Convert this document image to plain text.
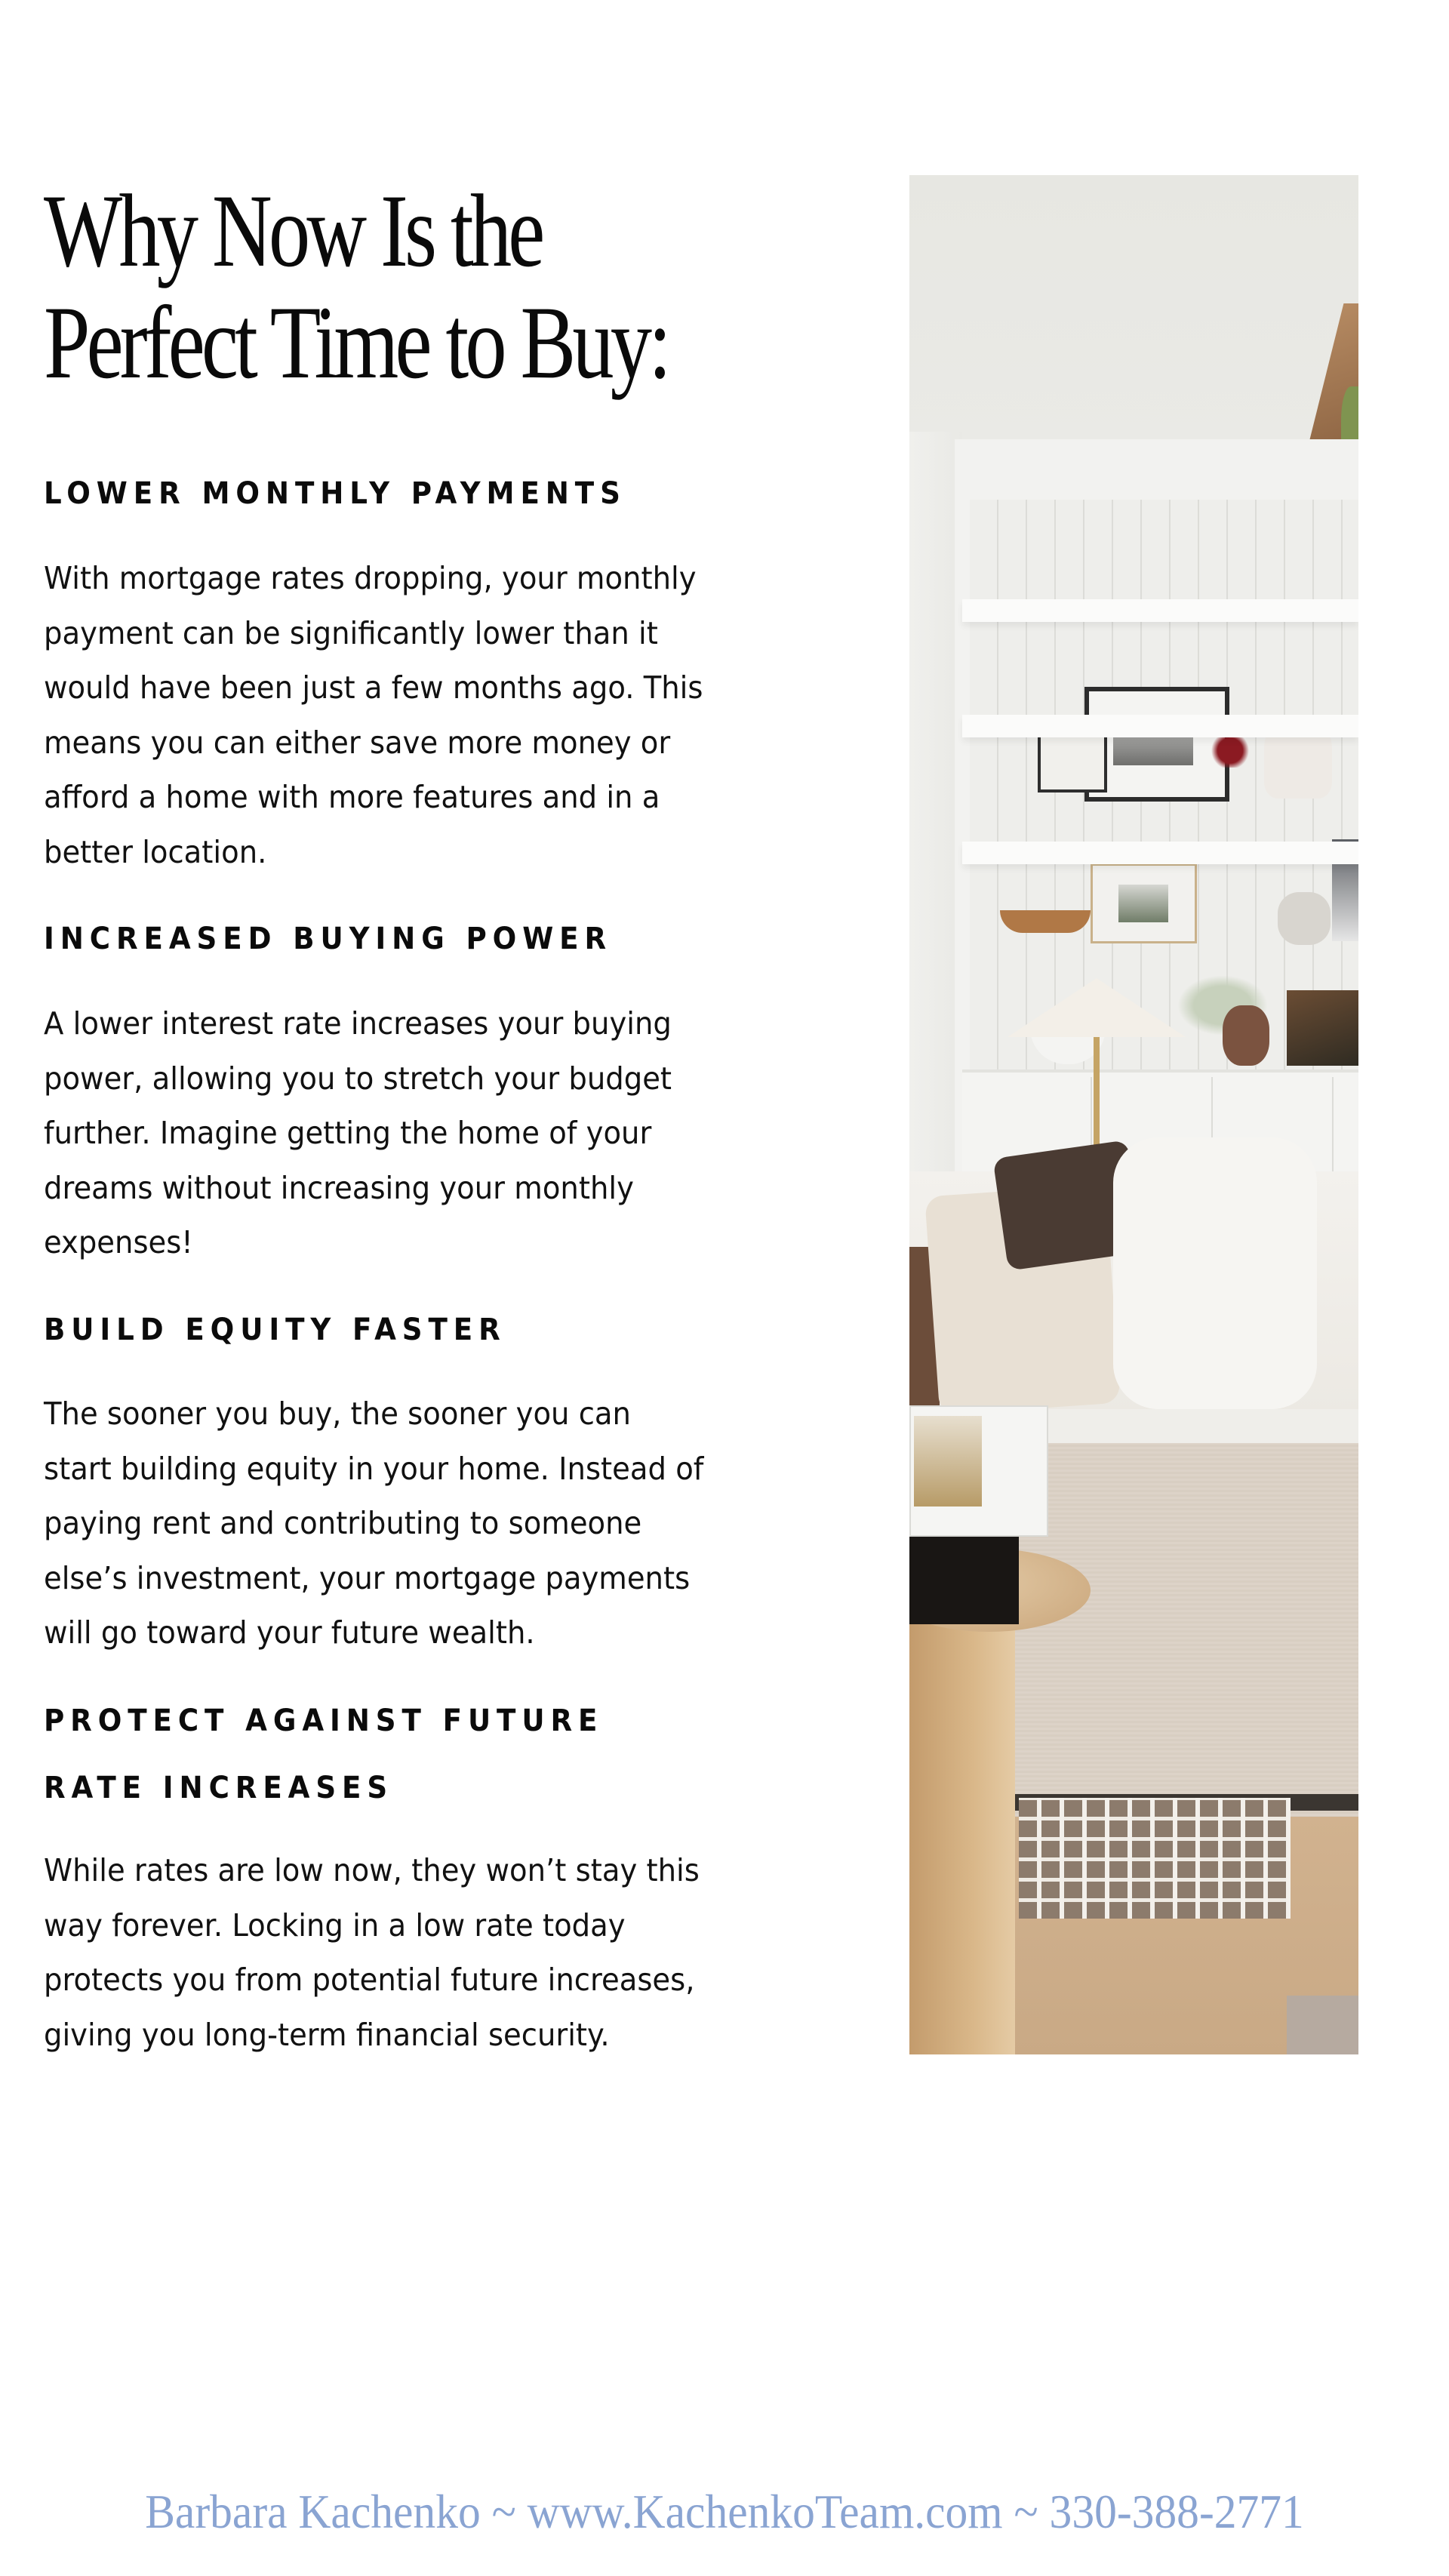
Why Now Is the
Perfect Time to Buy:
LOWER MONTHLY PAYMENTS

With mortgage rates dropping, your monthly
payment can be significantly lower than it
would have been just a few months ago. This
means you can either save more money or
afford a home with more features and in a
better location.

INCREASED BUYING POWER

A lower interest rate increases your buying
power, allowing you to stretch your budget
further. Imagine getting the home of your
dreams without increasing your monthly
expenses!

BUILD EQUITY FASTER

The sooner you buy, the sooner you can
start building equity in your home. Instead of
paying rent and contributing to someone
else’s investment, your mortgage payments
will go toward your future wealth.

PROTECT AGAINST FUTURE
RATE INCREASES

While rates are low now, they won’t stay this
way forever. Locking in a low rate today
protects you from potential future increases,
giving you long-term financial security.

Barbara Kachenko ~ www.KachenkoTeam.com ~ 330-388-2771
